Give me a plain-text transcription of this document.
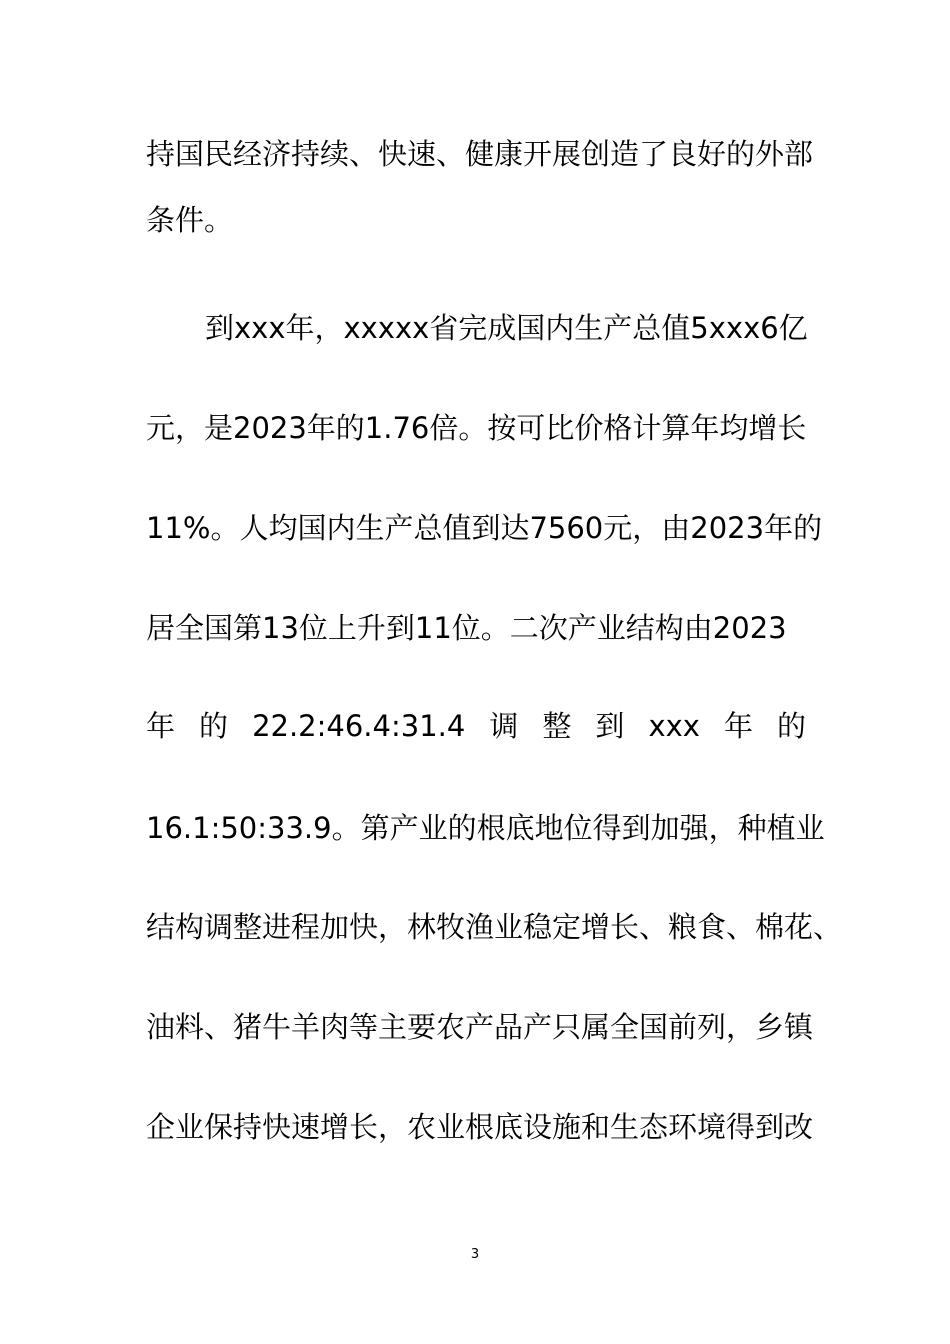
持国民经济持续、快速、健康开展创造了良好的外部
条件。
到xxx年，xxxxx省完成国内生产总值5xxx6亿
元，是2023年的1.76倍。按可比价格计算年均增长
11%。人均国内生产总值到达7560元，由2023年的
居全国第13位上升到11位。二次产业结构由2023
年 的 22.2:46.4:31.4 调 整 到 xxx 年 的
16.1:50:33.9。第产业的根底地位得到加强，种植业
结构调整进程加快，林牧渔业稳定增长、粮食、棉花、
油料、猪牛羊肉等主要农产品产只属全国前列，乡镇
企业保持快速增长，农业根底设施和生态环境得到改
3
